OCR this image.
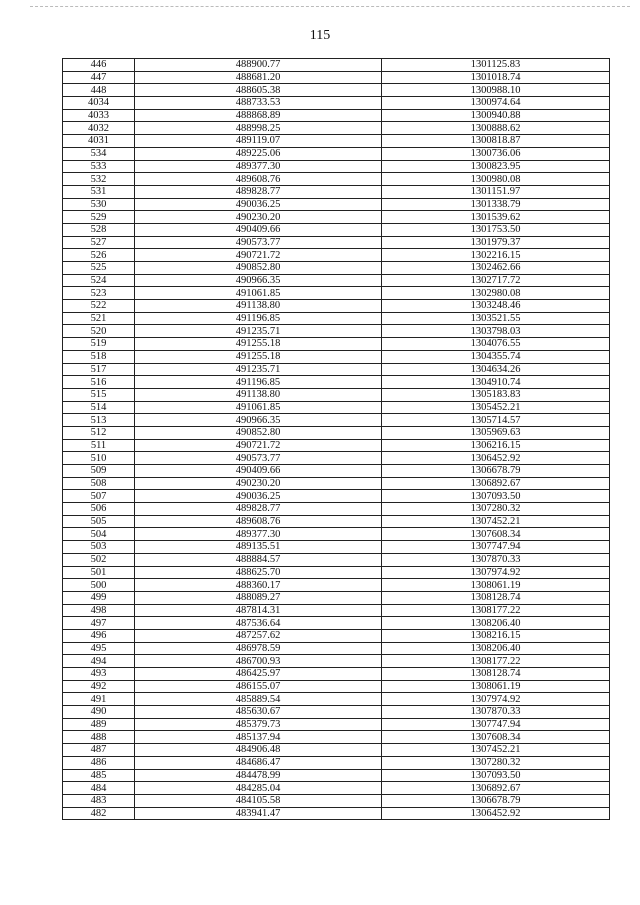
115
446	488900.77	1301125.83
447	488681.20	1301018.74
448	488605.38	1300988.10
4034	488733.53	1300974.64
4033	488868.89	1300940.88
4032	488998.25	1300888.62
4031	489119.07	1300818.87
534	489225.06	1300736.06
533	489377.30	1300823.95
532	489608.76	1300980.08
531	489828.77	1301151.97
530	490036.25	1301338.79
529	490230.20	1301539.62
528	490409.66	1301753.50
527	490573.77	1301979.37
526	490721.72	1302216.15
525	490852.80	1302462.66
524	490966.35	1302717.72
523	491061.85	1302980.08
522	491138.80	1303248.46
521	491196.85	1303521.55
520	491235.71	1303798.03
519	491255.18	1304076.55
518	491255.18	1304355.74
517	491235.71	1304634.26
516	491196.85	1304910.74
515	491138.80	1305183.83
514	491061.85	1305452.21
513	490966.35	1305714.57
512	490852.80	1305969.63
511	490721.72	1306216.15
510	490573.77	1306452.92
509	490409.66	1306678.79
508	490230.20	1306892.67
507	490036.25	1307093.50
506	489828.77	1307280.32
505	489608.76	1307452.21
504	489377.30	1307608.34
503	489135.51	1307747.94
502	488884.57	1307870.33
501	488625.70	1307974.92
500	488360.17	1308061.19
499	488089.27	1308128.74
498	487814.31	1308177.22
497	487536.64	1308206.40
496	487257.62	1308216.15
495	486978.59	1308206.40
494	486700.93	1308177.22
493	486425.97	1308128.74
492	486155.07	1308061.19
491	485889.54	1307974.92
490	485630.67	1307870.33
489	485379.73	1307747.94
488	485137.94	1307608.34
487	484906.48	1307452.21
486	484686.47	1307280.32
485	484478.99	1307093.50
484	484285.04	1306892.67
483	484105.58	1306678.79
482	483941.47	1306452.92
